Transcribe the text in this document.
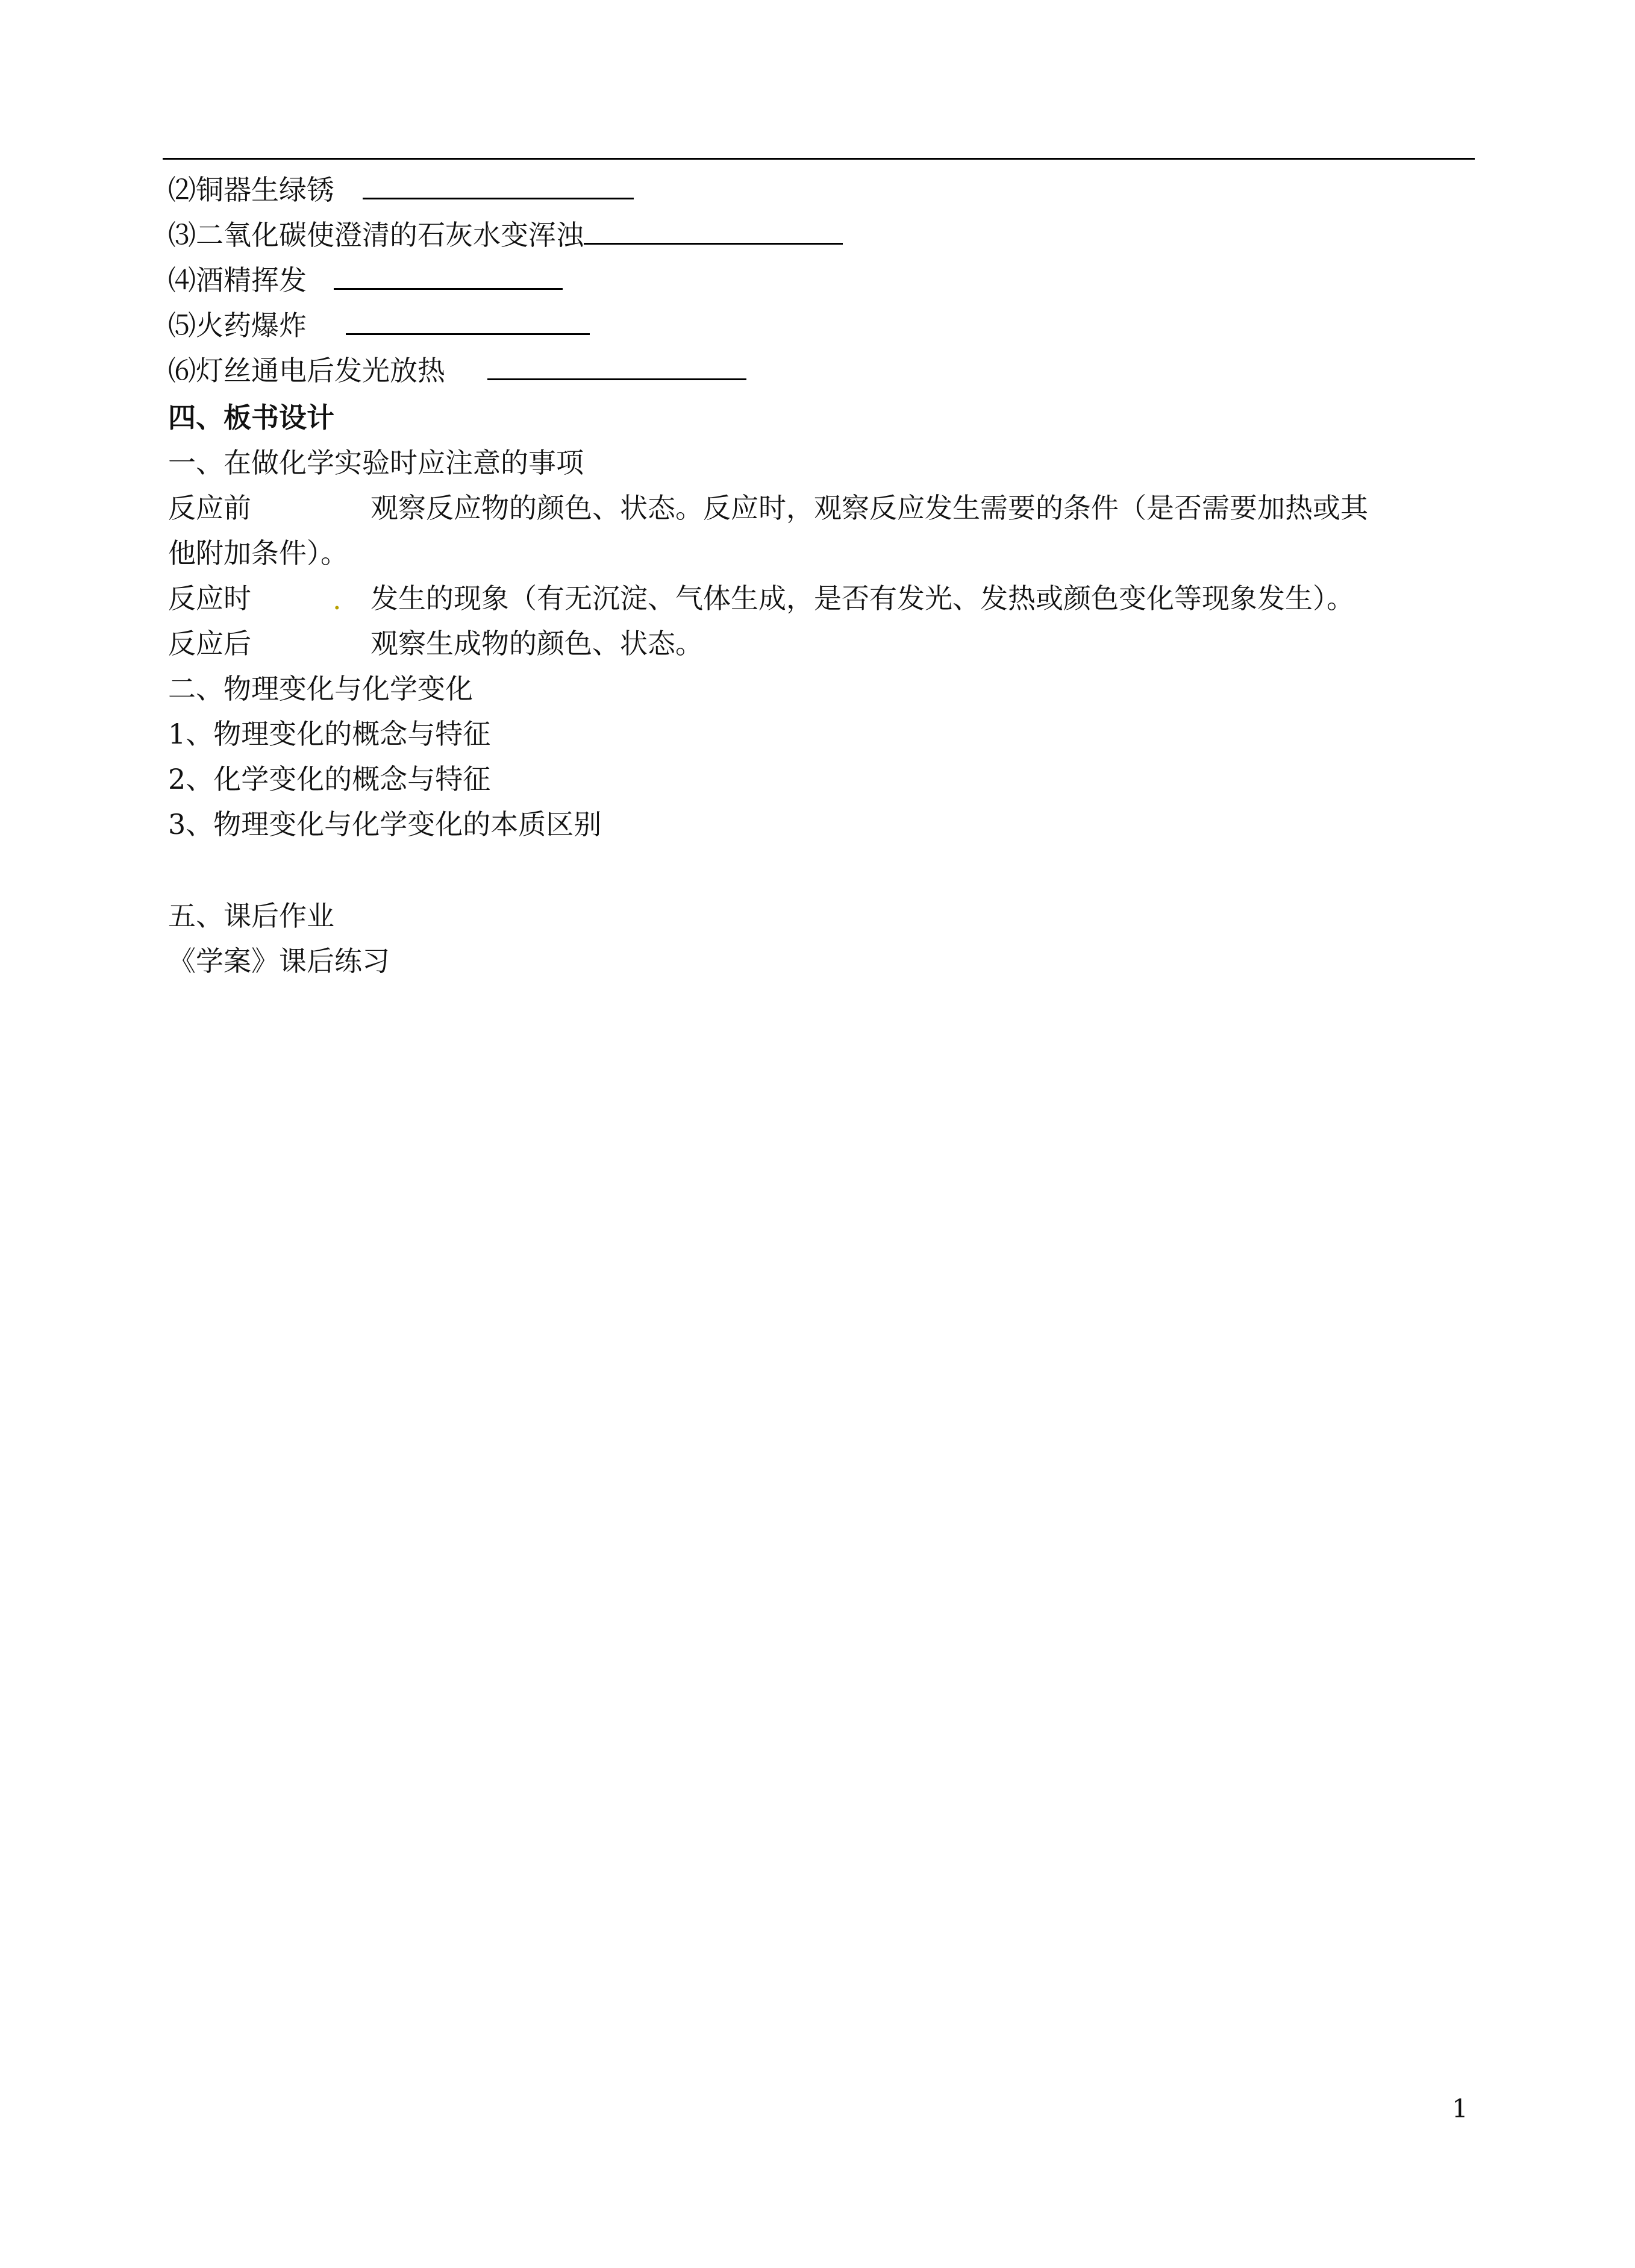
⑵铜器生绿锈
⑶二氧化碳使澄清的石灰水变浑浊
⑷酒精挥发
⑸火药爆炸
⑹灯丝通电后发光放热
四、板书设计
一、在做化学实验时应注意的事项
反应前	观察反应物的颜色、状态。反应时，观察反应发生需要的条件（是否需要加热或其
他附加条件）。
反应时	发生的现象（有无沉淀、气体生成，是否有发光、发热或颜色变化等现象发生）。
.
反应后	观察生成物的颜色、状态。
二、物理变化与化学变化
1、物理变化的概念与特征
2、化学变化的概念与特征
3、物理变化与化学变化的本质区别
五、课后作业
《学案》课后练习
1
